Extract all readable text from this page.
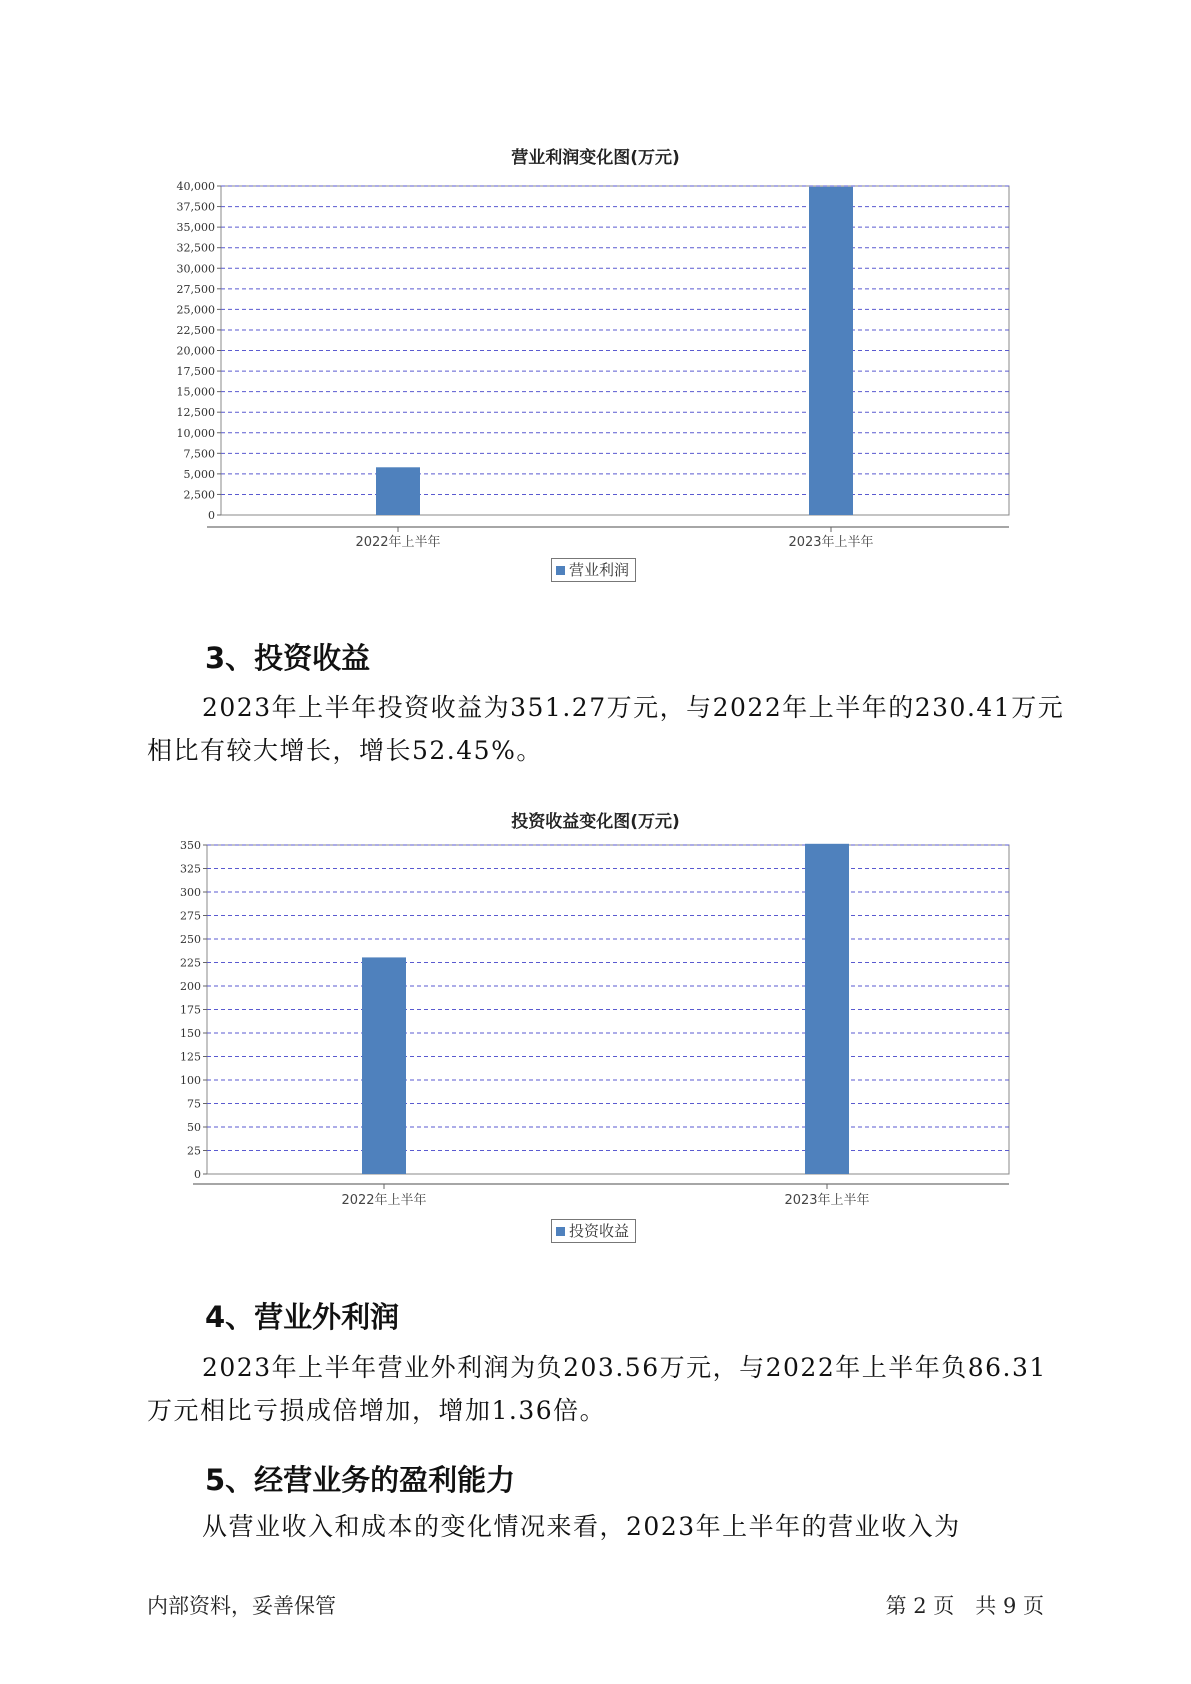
营业利润变化图(万元)
0
2,500
5,000
7,500
10,000
12,500
15,000
17,500
20,000
22,500
25,000
27,500
30,000
32,500
35,000
37,500
40,000
2022年上半年	2023年上半年
营业利润
3、投资收益
2023年上半年投资收益为351.27万元，与2022年上半年的230.41万元相比有较大增长，增长52.45%。
投资收益变化图(万元)
0
25
50
75
100
125
150
175
200
225
250
275
300
325
350
2022年上半年	2023年上半年
投资收益
4、营业外利润
2023年上半年营业外利润为负203.56万元，与2022年上半年负86.31万元相比亏损成倍增加，增加1.36倍。
5、经营业务的盈利能力
从营业收入和成本的变化情况来看，2023年上半年的营业收入为
内部资料，妥善保管	第 2 页　共 9 页
